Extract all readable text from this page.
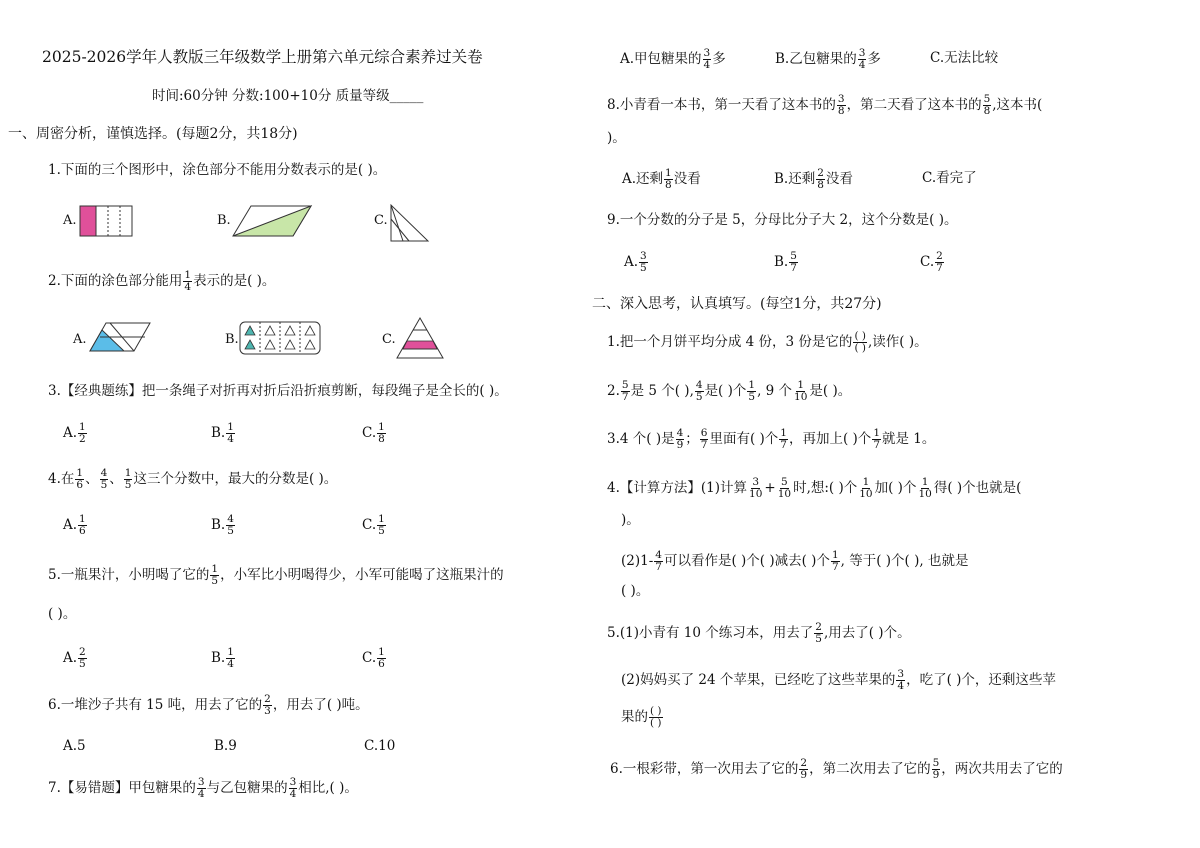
2025-2026学年人教版三年级数学上册第六单元综合素养过关卷
时间:60分钟 分数:100+10分 质量等级_____
一、周密分析，谨慎选择。(每题2分，共18分)
1.下面的三个图形中，涂色部分不能用分数表示的是( )。
A.	B.	C.
2.下面的涂色部分能用 $\frac{1}{4}$ 表示的是( )。
A.	B.	C.
3.【经典题练】把一条绳子对折再对折后沿折痕剪断，每段绳子是全长的( )。
A. $\frac{1}{2}$	B. $\frac{1}{4}$	C. $\frac{1}{8}$
4.在 $\frac{1}{6}$ 、 $\frac{4}{5}$ 、 $\frac{1}{5}$ 这三个分数中，最大的分数是( )。
A. $\frac{1}{6}$	B. $\frac{4}{5}$	C. $\frac{1}{5}$
5.一瓶果汁，小明喝了它的 $\frac{1}{5}$ ，小军比小明喝得少，小军可能喝了这瓶果汁的
( )。
A. $\frac{2}{5}$	B. $\frac{1}{4}$	C. $\frac{1}{6}$
6.一堆沙子共有 15 吨，用去了它的 $\frac{2}{3}$ ，用去了( )吨。
A.5	B.9	C.10
7.【易错题】甲包糖果的 $\frac{3}{4}$ 与乙包糖果的 $\frac{3}{4}$ 相比,( )。
A.甲包糖果的 $\frac{3}{4}$ 多	B.乙包糖果的 $\frac{3}{4}$ 多	C.无法比较
8.小青看一本书，第一天看了这本书的 $\frac{3}{8}$ ，第二天看了这本书的 $\frac{5}{8}$ ,这本书(
)。
A.还剩 $\frac{1}{8}$ 没看	B.还剩 $\frac{2}{8}$ 没看	C.看完了
9.一个分数的分子是 5，分母比分子大 2，这个分数是( )。
A. $\frac{3}{5}$	B. $\frac{5}{7}$	C. $\frac{2}{7}$
二、深入思考，认真填写。(每空1分，共27分)
1.把一个月饼平均分成 4 份，3 份是它的 $\frac{( )}{( )}$ ,读作( )。
2. $\frac{5}{7}$ 是 5 个( ), $\frac{4}{5}$ 是( )个 $\frac{1}{5}$ , 9 个 $\frac{1}{10}$ 是( )。
3.4 个( )是 $\frac{4}{9}$ ； $\frac{6}{7}$ 里面有( )个 $\frac{1}{7}$ ，再加上( )个 $\frac{1}{7}$ 就是 1。
4.【计算方法】(1)计算 $\frac{3}{10} + \frac{5}{10}$ 时,想:( )个 $\frac{1}{10}$ 加( )个 $\frac{1}{10}$ 得( )个也就是(
)。
$(2)1- \frac{4}{7}$ 可以看作是( )个( )减去( )个 $\frac{1}{7}$ , 等于( )个( ), 也就是
( )。
5.(1)小青有 10 个练习本，用去了 $\frac{2}{5}$ ,用去了( )个。
(2)妈妈买了 24 个苹果，已经吃了这些苹果的 $\frac{3}{4}$ ，吃了( )个，还剩这些苹
果的 $\frac{( )}{( )}$
6.一根彩带，第一次用去了它的 $\frac{2}{9}$ ，第二次用去了它的 $\frac{5}{9}$ ，两次共用去了它的
